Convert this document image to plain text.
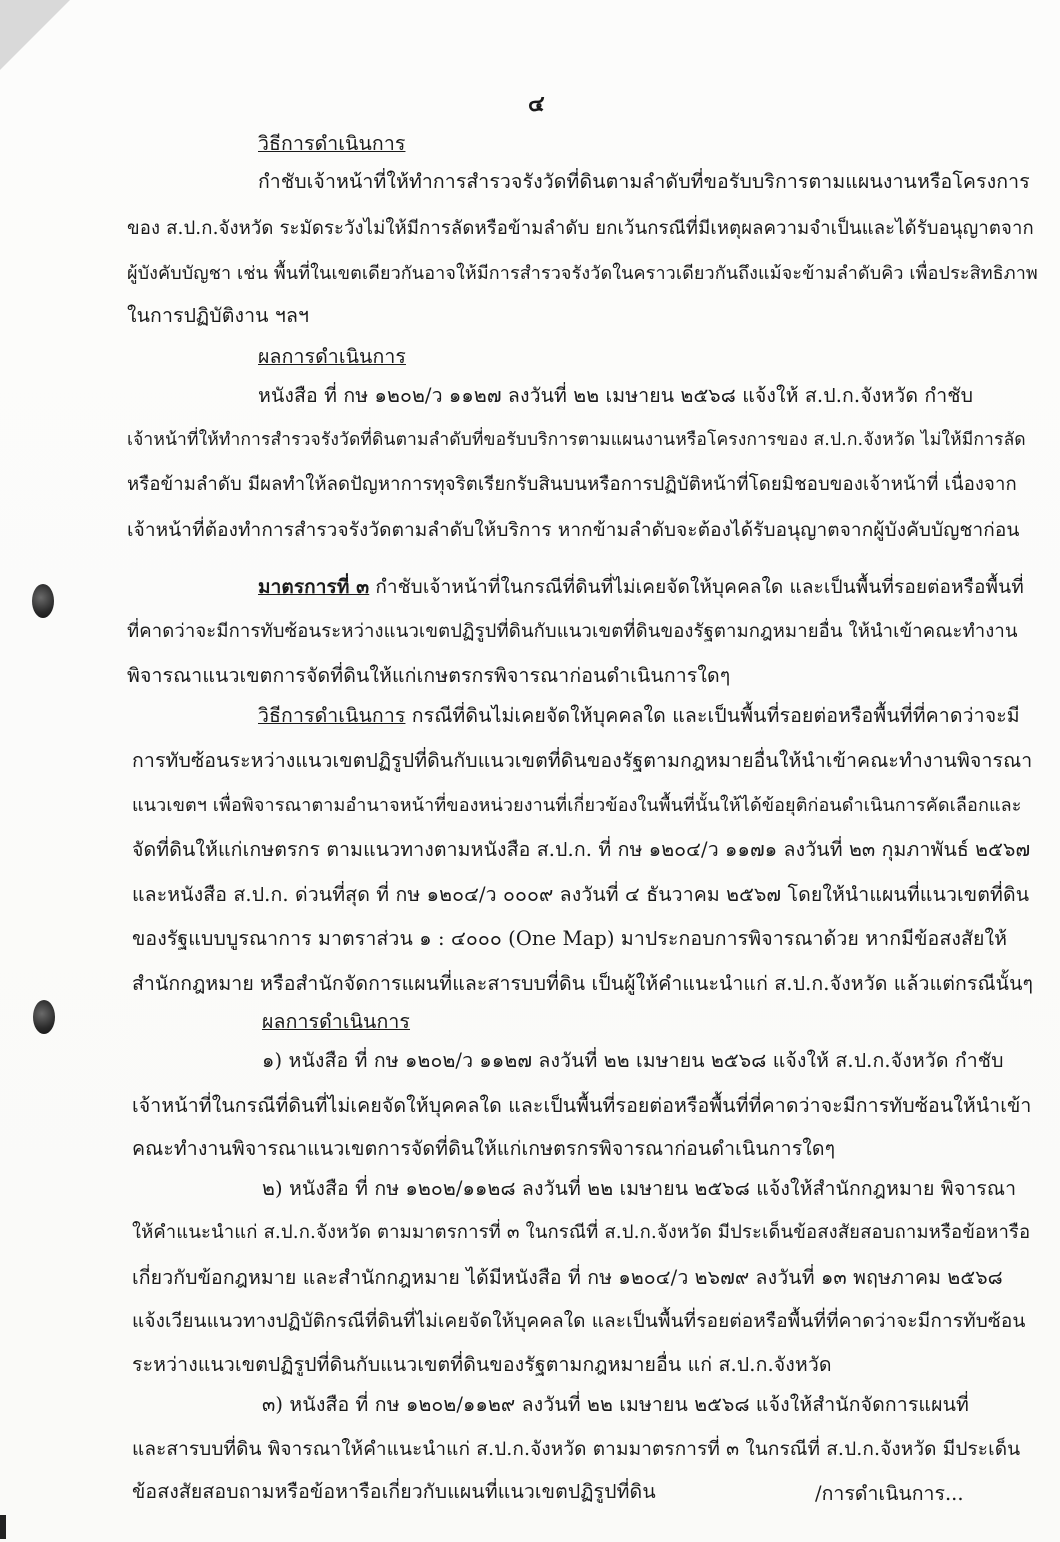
๔
วิธีการดำเนินการ
กำชับเจ้าหน้าที่ให้ทำการสำรวจรังวัดที่ดินตามลำดับที่ขอรับบริการตามแผนงานหรือโครงการ
ของ ส.ป.ก.จังหวัด ระมัดระวังไม่ให้มีการลัดหรือข้ามลำดับ ยกเว้นกรณีที่มีเหตุผลความจำเป็นและได้รับอนุญาตจาก
ผู้บังคับบัญชา เช่น พื้นที่ในเขตเดียวกันอาจให้มีการสำรวจรังวัดในคราวเดียวกันถึงแม้จะข้ามลำดับคิว เพื่อประสิทธิภาพ
ในการปฏิบัติงาน ฯลฯ
ผลการดำเนินการ
หนังสือ ที่ กษ ๑๒๐๒/ว ๑๑๒๗ ลงวันที่ ๒๒ เมษายน ๒๕๖๘ แจ้งให้ ส.ป.ก.จังหวัด กำชับ
เจ้าหน้าที่ให้ทำการสำรวจรังวัดที่ดินตามลำดับที่ขอรับบริการตามแผนงานหรือโครงการของ ส.ป.ก.จังหวัด ไม่ให้มีการลัด
หรือข้ามลำดับ มีผลทำให้ลดปัญหาการทุจริตเรียกรับสินบนหรือการปฏิบัติหน้าที่โดยมิชอบของเจ้าหน้าที่ เนื่องจาก
เจ้าหน้าที่ต้องทำการสำรวจรังวัดตามลำดับให้บริการ หากข้ามลำดับจะต้องได้รับอนุญาตจากผู้บังคับบัญชาก่อน
มาตรการที่ ๓ กำชับเจ้าหน้าที่ในกรณีที่ดินที่ไม่เคยจัดให้บุคคลใด และเป็นพื้นที่รอยต่อหรือพื้นที่
ที่คาดว่าจะมีการทับซ้อนระหว่างแนวเขตปฏิรูปที่ดินกับแนวเขตที่ดินของรัฐตามกฎหมายอื่น ให้นำเข้าคณะทำงาน
พิจารณาแนวเขตการจัดที่ดินให้แก่เกษตรกรพิจารณาก่อนดำเนินการใดๆ
วิธีการดำเนินการ กรณีที่ดินไม่เคยจัดให้บุคคลใด และเป็นพื้นที่รอยต่อหรือพื้นที่ที่คาดว่าจะมี
การทับซ้อนระหว่างแนวเขตปฏิรูปที่ดินกับแนวเขตที่ดินของรัฐตามกฎหมายอื่นให้นำเข้าคณะทำงานพิจารณา
แนวเขตฯ เพื่อพิจารณาตามอำนาจหน้าที่ของหน่วยงานที่เกี่ยวข้องในพื้นที่นั้นให้ได้ข้อยุติก่อนดำเนินการคัดเลือกและ
จัดที่ดินให้แก่เกษตรกร ตามแนวทางตามหนังสือ ส.ป.ก. ที่ กษ ๑๒๐๔/ว ๑๑๗๑ ลงวันที่ ๒๓ กุมภาพันธ์ ๒๕๖๗
และหนังสือ ส.ป.ก. ด่วนที่สุด ที่ กษ ๑๒๐๔/ว ๐๐๐๙ ลงวันที่ ๔ ธันวาคม ๒๕๖๗ โดยให้นำแผนที่แนวเขตที่ดิน
ของรัฐแบบบูรณาการ มาตราส่วน ๑ : ๔๐๐๐ (One Map) มาประกอบการพิจารณาด้วย หากมีข้อสงสัยให้
สำนักกฎหมาย หรือสำนักจัดการแผนที่และสารบบที่ดิน เป็นผู้ให้คำแนะนำแก่ ส.ป.ก.จังหวัด แล้วแต่กรณีนั้นๆ
ผลการดำเนินการ
๑) หนังสือ ที่ กษ ๑๒๐๒/ว ๑๑๒๗ ลงวันที่ ๒๒ เมษายน ๒๕๖๘ แจ้งให้ ส.ป.ก.จังหวัด กำชับ
เจ้าหน้าที่ในกรณีที่ดินที่ไม่เคยจัดให้บุคคลใด และเป็นพื้นที่รอยต่อหรือพื้นที่ที่คาดว่าจะมีการทับซ้อนให้นำเข้า
คณะทำงานพิจารณาแนวเขตการจัดที่ดินให้แก่เกษตรกรพิจารณาก่อนดำเนินการใดๆ
๒) หนังสือ ที่ กษ ๑๒๐๒/๑๑๒๘ ลงวันที่ ๒๒ เมษายน ๒๕๖๘ แจ้งให้สำนักกฎหมาย พิจารณา
ให้คำแนะนำแก่ ส.ป.ก.จังหวัด ตามมาตรการที่ ๓ ในกรณีที่ ส.ป.ก.จังหวัด มีประเด็นข้อสงสัยสอบถามหรือข้อหารือ
เกี่ยวกับข้อกฎหมาย และสำนักกฎหมาย ได้มีหนังสือ ที่ กษ ๑๒๐๔/ว ๒๖๗๙ ลงวันที่ ๑๓ พฤษภาคม ๒๕๖๘
แจ้งเวียนแนวทางปฏิบัติกรณีที่ดินที่ไม่เคยจัดให้บุคคลใด และเป็นพื้นที่รอยต่อหรือพื้นที่ที่คาดว่าจะมีการทับซ้อน
ระหว่างแนวเขตปฏิรูปที่ดินกับแนวเขตที่ดินของรัฐตามกฎหมายอื่น แก่ ส.ป.ก.จังหวัด
๓) หนังสือ ที่ กษ ๑๒๐๒/๑๑๒๙ ลงวันที่ ๒๒ เมษายน ๒๕๖๘ แจ้งให้สำนักจัดการแผนที่
และสารบบที่ดิน พิจารณาให้คำแนะนำแก่ ส.ป.ก.จังหวัด ตามมาตรการที่ ๓ ในกรณีที่ ส.ป.ก.จังหวัด มีประเด็น
ข้อสงสัยสอบถามหรือข้อหารือเกี่ยวกับแผนที่แนวเขตปฏิรูปที่ดิน	/การดำเนินการ...
